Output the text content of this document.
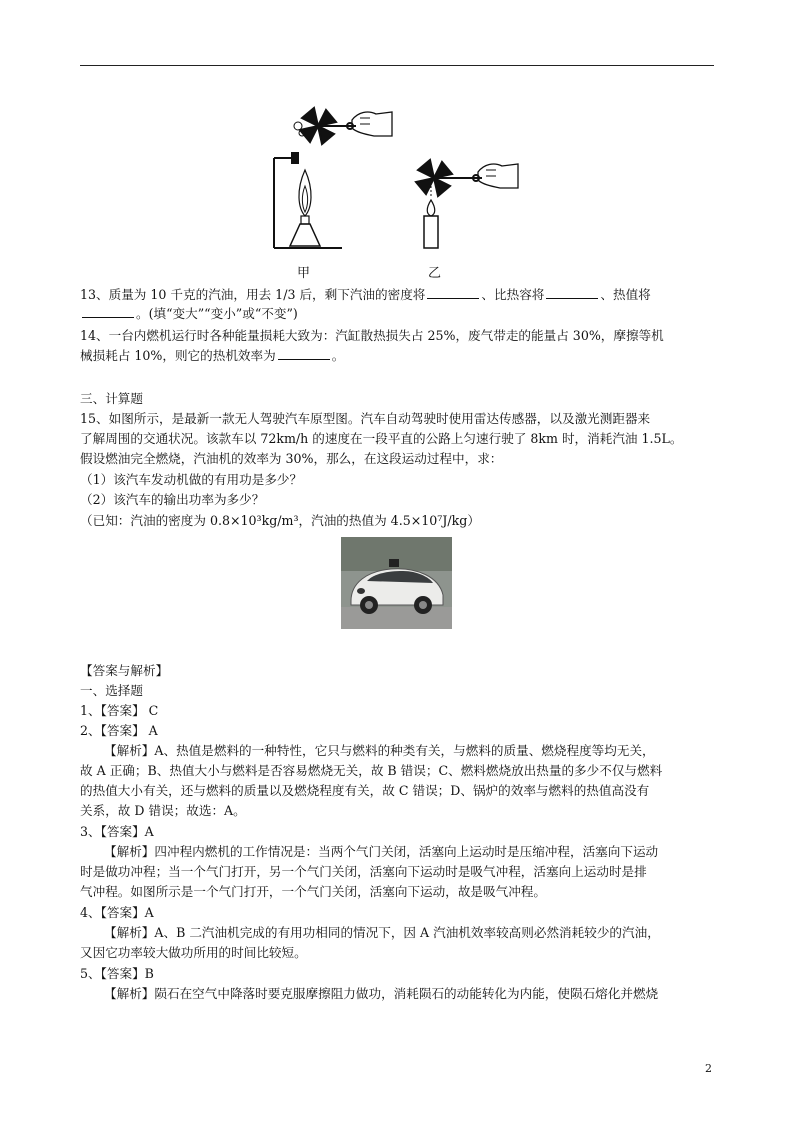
甲	乙
13、质量为 10 千克的汽油，用去 1/3 后，剩下汽油的密度将	、比热容将	、热值将
。(填“变大”“变小”或“不变”)
14、一台内燃机运行时各种能量损耗大致为：汽缸散热损失占 25%，废气带走的能量占 30%，摩擦等机
械损耗占 10%，则它的热机效率为	。
三、计算题
15、如图所示，是最新一款无人驾驶汽车原型图。汽车自动驾驶时使用雷达传感器，以及激光测距器来
了解周围的交通状况。该款车以 72km/h 的速度在一段平直的公路上匀速行驶了 8km 时，消耗汽油 1.5L。
假设燃油完全燃烧，汽油机的效率为 30%，那么，在这段运动过程中，求：
（1）该汽车发动机做的有用功是多少？
（2）该汽车的输出功率为多少？
（已知：汽油的密度为 0.8×10³kg/m³，汽油的热值为 4.5×10⁷J/kg）
【答案与解析】
一、选择题
1、【答案】 C
2、【答案】 A
【解析】A、热值是燃料的一种特性，它只与燃料的种类有关，与燃料的质量、燃烧程度等均无关，
故 A 正确；B、热值大小与燃料是否容易燃烧无关，故 B 错误；C、燃料燃烧放出热量的多少不仅与燃料
的热值大小有关，还与燃料的质量以及燃烧程度有关，故 C 错误；D、锅炉的效率与燃料的热值高没有
关系，故 D 错误；故选：A。
3、【答案】A
【解析】四冲程内燃机的工作情况是：当两个气门关闭，活塞向上运动时是压缩冲程，活塞向下运动
时是做功冲程；当一个气门打开，另一个气门关闭，活塞向下运动时是吸气冲程，活塞向上运动时是排
气冲程。如图所示是一个气门打开，一个气门关闭，活塞向下运动，故是吸气冲程。
4、【答案】A
【解析】A、B 二汽油机完成的有用功相同的情况下，因 A 汽油机效率较高则必然消耗较少的汽油，
又因它功率较大做功所用的时间比较短。
5、【答案】B
【解析】陨石在空气中降落时要克服摩擦阻力做功，消耗陨石的动能转化为内能，使陨石熔化并燃烧
2
